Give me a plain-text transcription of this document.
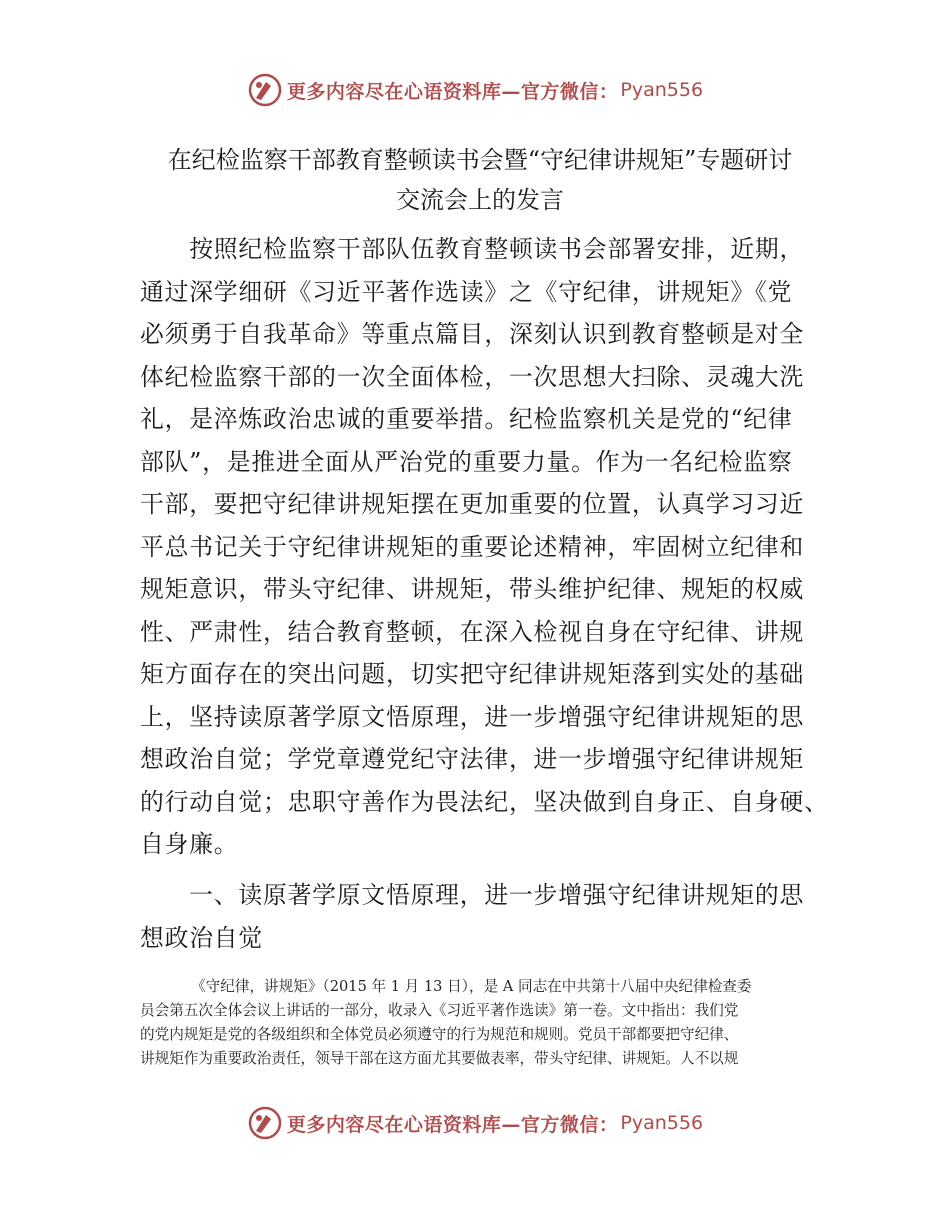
更多内容尽在心语资料库—官方微信： Pyan556
在纪检监察干部教育整顿读书会暨“守纪律讲规矩”专题研讨
交流会上的发言
　　按照纪检监察干部队伍教育整顿读书会部署安排，近期，
通过深学细研《习近平著作选读》之《守纪律，讲规矩》《党
必须勇于自我革命》等重点篇目，深刻认识到教育整顿是对全
体纪检监察干部的一次全面体检，一次思想大扫除、灵魂大洗
礼，是淬炼政治忠诚的重要举措。纪检监察机关是党的“纪律
部队”，是推进全面从严治党的重要力量。作为一名纪检监察
干部，要把守纪律讲规矩摆在更加重要的位置，认真学习习近
平总书记关于守纪律讲规矩的重要论述精神，牢固树立纪律和
规矩意识，带头守纪律、讲规矩，带头维护纪律、规矩的权威
性、严肃性，结合教育整顿，在深入检视自身在守纪律、讲规
矩方面存在的突出问题，切实把守纪律讲规矩落到实处的基础
上，坚持读原著学原文悟原理，进一步增强守纪律讲规矩的思
想政治自觉；学党章遵党纪守法律，进一步增强守纪律讲规矩
的行动自觉；忠职守善作为畏法纪，坚决做到自身正、自身硬、
自身廉。
　　一、读原著学原文悟原理，进一步增强守纪律讲规矩的思
想政治自觉
　　　　《守纪律，讲规矩》（2015 年 1 月 13 日），是 A 同志在中共第十八届中央纪律检查委
员会第五次全体会议上讲话的一部分，收录入《习近平著作选读》第一卷。文中指出：我们党
的党内规矩是党的各级组织和全体党员必须遵守的行为规范和规则。党员干部都要把守纪律、
讲规矩作为重要政治责任，领导干部在这方面尤其要做表率，带头守纪律、讲规矩。人不以规
更多内容尽在心语资料库—官方微信： Pyan556
